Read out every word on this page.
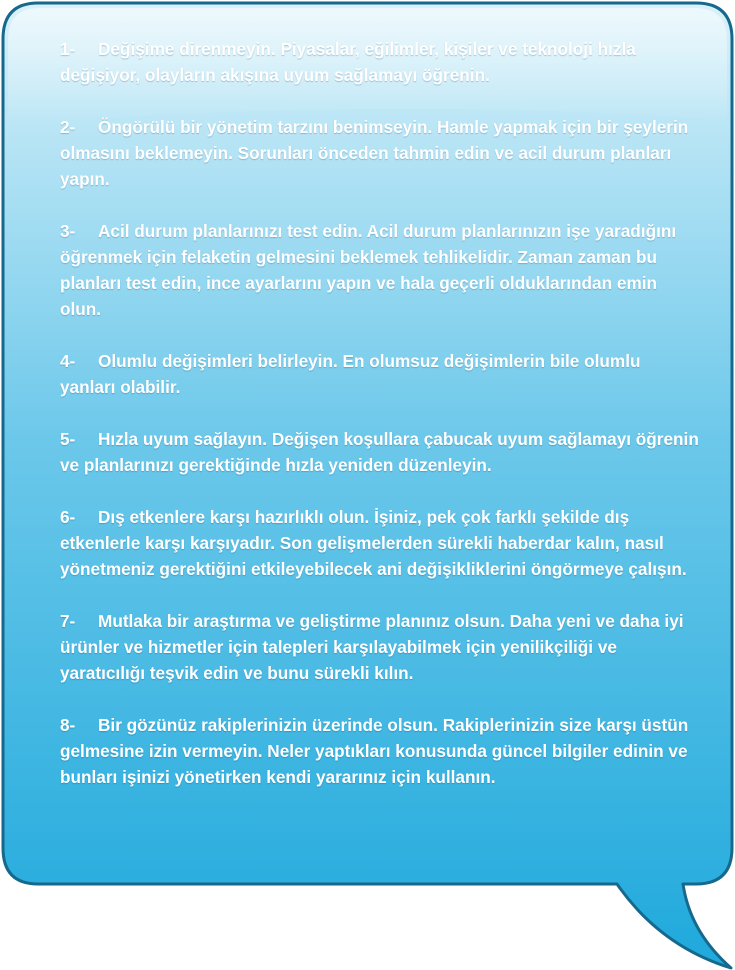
1- Değişime direnmeyin. Piyasalar, eğilimler, kişiler ve teknoloji hızla değişiyor, olayların akışına uyum sağlamayı öğrenin.

2- Öngörülü bir yönetim tarzını benimseyin. Hamle yapmak için bir şeylerin olmasını beklemeyin. Sorunları önceden tahmin edin ve acil durum planları yapın.

3- Acil durum planlarınızı test edin. Acil durum planlarınızın işe yaradığını öğrenmek için felaketin gelmesini beklemek tehlikelidir. Zaman zaman bu planları test edin, ince ayarlarını yapın ve hala geçerli olduklarından emin olun.

4- Olumlu değişimleri belirleyin. En olumsuz değişimlerin bile olumlu yanları olabilir.

5- Hızla uyum sağlayın. Değişen koşullara çabucak uyum sağlamayı öğrenin ve planlarınızı gerektiğinde hızla yeniden düzenleyin.

6- Dış etkenlere karşı hazırlıklı olun. İşiniz, pek çok farklı şekilde dış etkenlerle karşı karşıyadır. Son gelişmelerden sürekli haberdar kalın, nasıl yönetmeniz gerektiğini etkileyebilecek ani değişikliklerini öngörmeye çalışın.

7- Mutlaka bir araştırma ve geliştirme planınız olsun. Daha yeni ve daha iyi ürünler ve hizmetler için talepleri karşılayabilmek için yenilikçiliği ve yaratıcılığı teşvik edin ve bunu sürekli kılın.

8- Bir gözünüz rakiplerinizin üzerinde olsun. Rakiplerinizin size karşı üstün gelmesine izin vermeyin. Neler yaptıkları konusunda güncel bilgiler edinin ve bunları işinizi yönetirken kendi yararınız için kullanın.
